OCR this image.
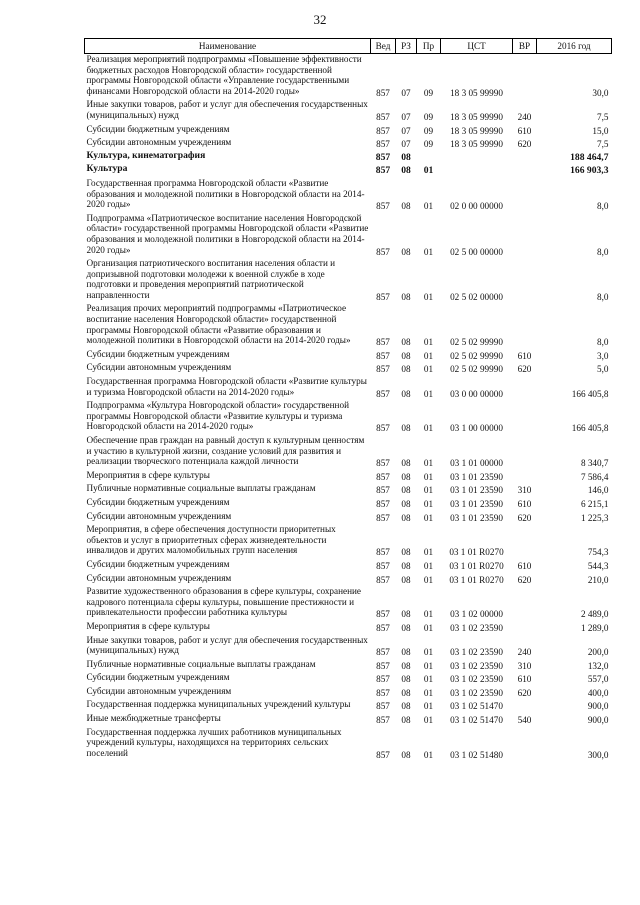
32
Наименование	Вед	РЗ	Пр	ЦСТ	ВР	2016 год
Реализация мероприятий подпрограммы «Повышение эффективности бюджетных расходов Новгородской области» государственной программы Новгородской области «Управление государственными финансами Новгородской области на 2014-2020 годы»	857	07	09	18 3 05 99990		30,0
Иные закупки товаров, работ и услуг для обеспечения государственных (муниципальных) нужд	857	07	09	18 3 05 99990	240	7,5
Субсидии бюджетным учреждениям	857	07	09	18 3 05 99990	610	15,0
Субсидии автономным учреждениям	857	07	09	18 3 05 99990	620	7,5
Культура, кинематография	857	08				188 464,7
Культура	857	08	01			166 903,3
Государственная программа Новгородской области «Развитие образования и молодежной политики в Новгородской области на 2014-2020 годы»	857	08	01	02 0 00 00000		8,0
Подпрограмма «Патриотическое воспитание населения Новгородской области» государственной программы Новгородской области «Развитие образования и молодежной политики в Новгородской области на 2014-2020 годы»	857	08	01	02 5 00 00000		8,0
Организация патриотического воспитания населения области и допризывной подготовки молодежи к военной службе в ходе подготовки и проведения мероприятий патриотической направленности	857	08	01	02 5 02 00000		8,0
Реализация прочих мероприятий подпрограммы «Патриотическое воспитание населения Новгородской области» государственной программы Новгородской области «Развитие образования и молодежной политики в Новгородской области на 2014-2020 годы»	857	08	01	02 5 02 99990		8,0
Субсидии бюджетным учреждениям	857	08	01	02 5 02 99990	610	3,0
Субсидии автономным учреждениям	857	08	01	02 5 02 99990	620	5,0
Государственная программа Новгородской области «Развитие культуры и туризма Новгородской области на 2014-2020 годы»	857	08	01	03 0 00 00000		166 405,8
Подпрограмма «Культура Новгородской области» государственной программы Новгородской области «Развитие культуры и туризма Новгородской области на 2014-2020 годы»	857	08	01	03 1 00 00000		166 405,8
Обеспечение прав граждан на равный доступ к культурным ценностям и участию в культурной жизни, создание условий для развития и реализации творческого потенциала каждой личности	857	08	01	03 1 01 00000		8 340,7
Мероприятия в сфере культуры	857	08	01	03 1 01 23590		7 586,4
Публичные нормативные социальные выплаты гражданам	857	08	01	03 1 01 23590	310	146,0
Субсидии бюджетным учреждениям	857	08	01	03 1 01 23590	610	6 215,1
Субсидии автономным учреждениям	857	08	01	03 1 01 23590	620	1 225,3
Мероприятия, в сфере обеспечения доступности приоритетных объектов и услуг в приоритетных сферах жизнедеятельности инвалидов и других маломобильных групп населения	857	08	01	03 1 01 R0270		754,3
Субсидии бюджетным учреждениям	857	08	01	03 1 01 R0270	610	544,3
Субсидии автономным учреждениям	857	08	01	03 1 01 R0270	620	210,0
Развитие художественного образования в сфере культуры, сохранение кадрового потенциала сферы культуры, повышение престижности и привлекательности профессии работника культуры	857	08	01	03 1 02 00000		2 489,0
Мероприятия в сфере культуры	857	08	01	03 1 02 23590		1 289,0
Иные закупки товаров, работ и услуг для обеспечения государственных (муниципальных) нужд	857	08	01	03 1 02 23590	240	200,0
Публичные нормативные социальные выплаты гражданам	857	08	01	03 1 02 23590	310	132,0
Субсидии бюджетным учреждениям	857	08	01	03 1 02 23590	610	557,0
Субсидии автономным учреждениям	857	08	01	03 1 02 23590	620	400,0
Государственная поддержка муниципальных учреждений культуры	857	08	01	03 1 02 51470		900,0
Иные межбюджетные трансферты	857	08	01	03 1 02 51470	540	900,0
Государственная поддержка лучших работников муниципальных учреждений культуры, находящихся на территориях сельских поселений	857	08	01	03 1 02 51480		300,0
